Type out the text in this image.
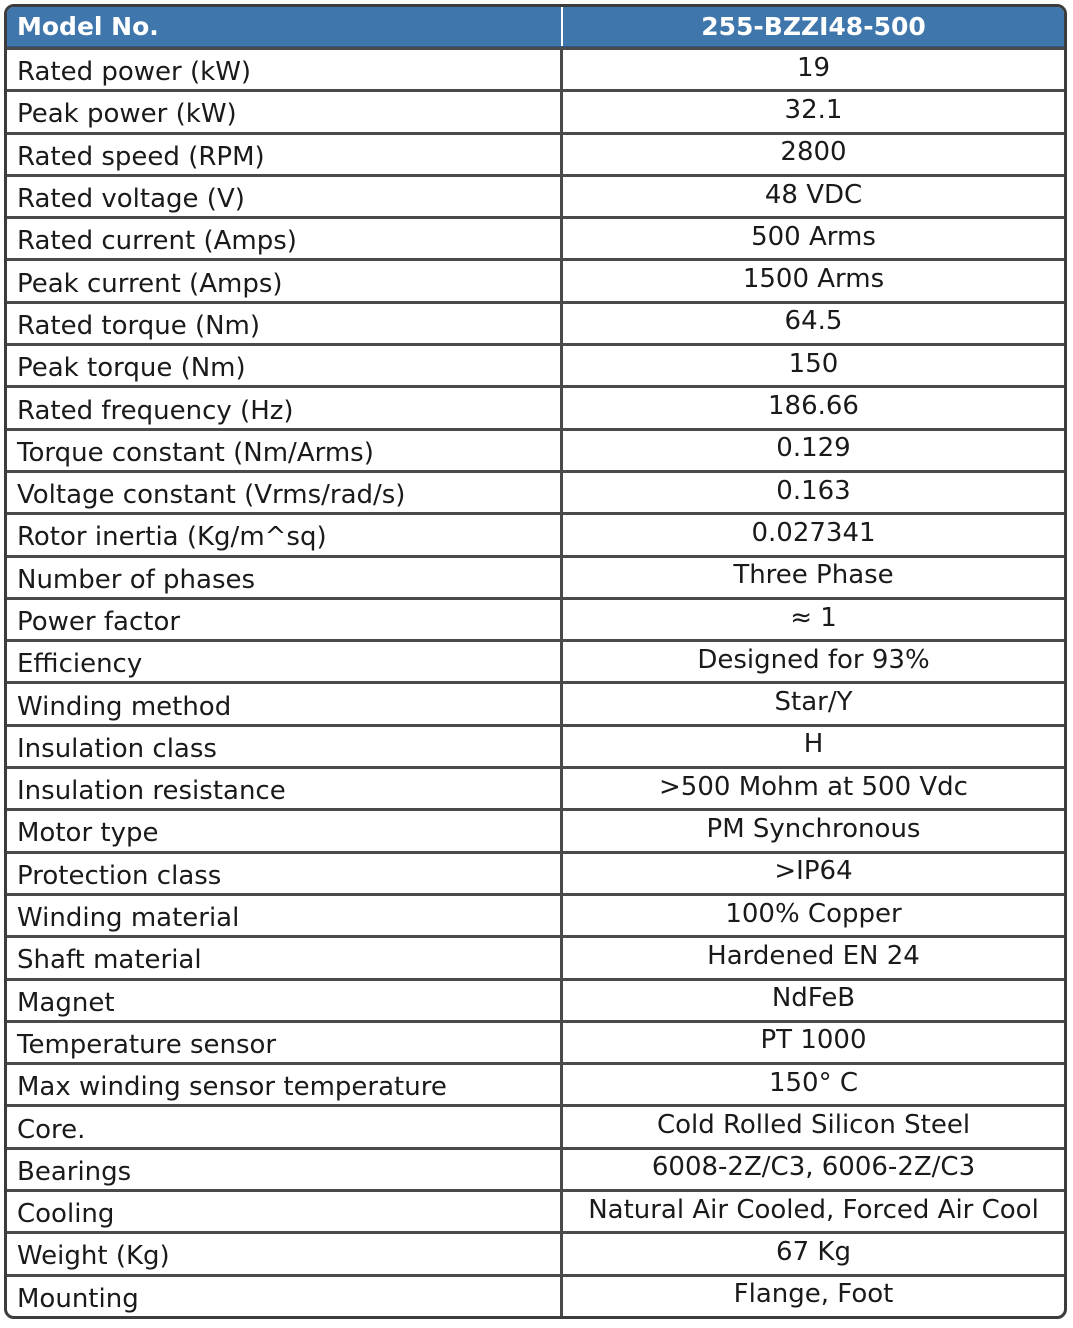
Model No.	255-BZZI48-500
Rated power (kW)	19
Peak power (kW)	32.1
Rated speed (RPM)	2800
Rated voltage (V)	48 VDC
Rated current (Amps)	500 Arms
Peak current (Amps)	1500 Arms
Rated torque (Nm)	64.5
Peak torque (Nm)	150
Rated frequency (Hz)	186.66
Torque constant (Nm/Arms)	0.129
Voltage constant (Vrms/rad/s)	0.163
Rotor inertia (Kg/m^sq)	0.027341
Number of phases	Three Phase
Power factor	≈ 1
Efficiency	Designed for 93%
Winding method	Star/Y
Insulation class	H
Insulation resistance	>500 Mohm at 500 Vdc
Motor type	PM Synchronous
Protection class	>IP64
Winding material	100% Copper
Shaft material	Hardened EN 24
Magnet	NdFeB
Temperature sensor	PT 1000
Max winding sensor temperature	150° C
Core.	Cold Rolled Silicon Steel
Bearings	6008-2Z/C3, 6006-2Z/C3
Cooling	Natural Air Cooled, Forced Air Cool
Weight (Kg)	67 Kg
Mounting	Flange, Foot
